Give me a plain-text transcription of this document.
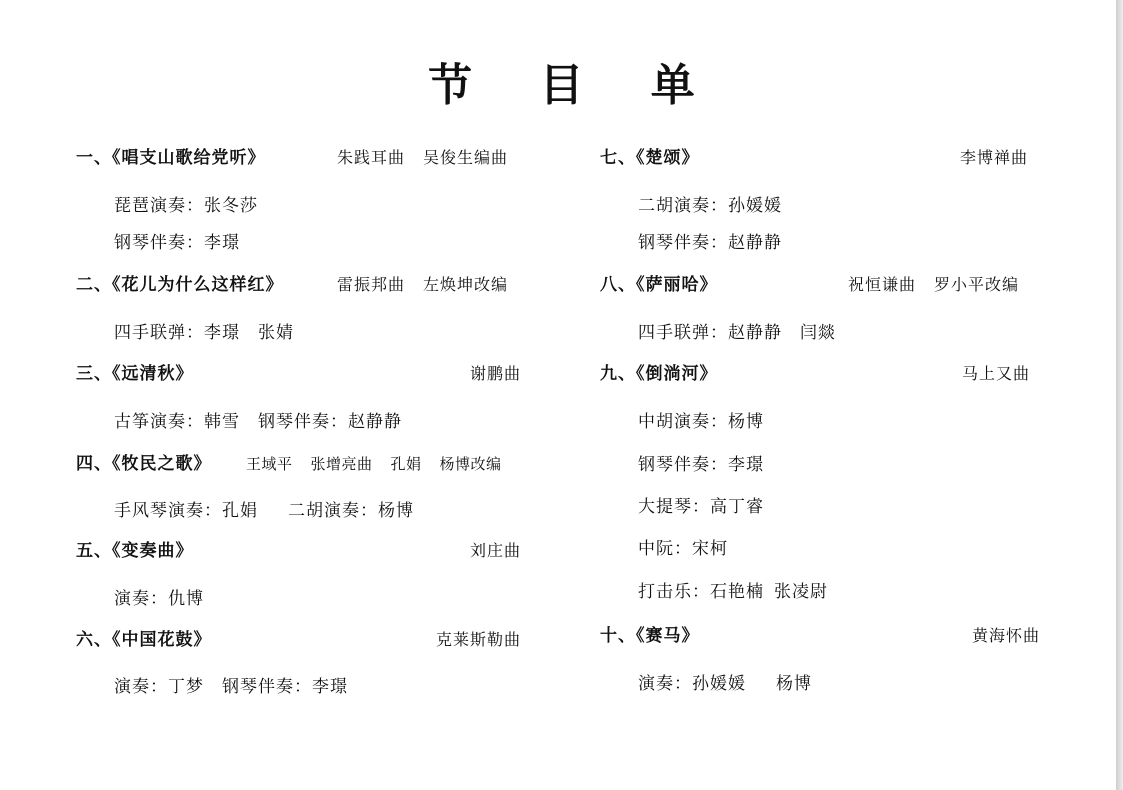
节 目 单
一、《唱支山歌给党听》	朱践耳曲 吴俊生编曲
琵琶演奏：张冬莎
钢琴伴奏：李璟
二、《花儿为什么这样红》	雷振邦曲 左焕坤改编
四手联弹：李璟 张婧
三、《远清秋》	谢鹏曲
古筝演奏：韩雪 钢琴伴奏：赵静静
四、《牧民之歌》 王域平 张增亮曲 孔娟 杨博改编
手风琴演奏：孔娟 二胡演奏：杨博
五、《变奏曲》	刘庄曲
演奏：仇博
六、《中国花鼓》	克莱斯勒曲
演奏：丁梦 钢琴伴奏：李璟
七、《楚颂》	李博禅曲
二胡演奏：孙媛媛
钢琴伴奏：赵静静
八、《萨丽哈》	祝恒谦曲 罗小平改编
四手联弹：赵静静 闫燚
九、《倒淌河》	马上又曲
中胡演奏：杨博
钢琴伴奏：李璟
大提琴：高丁睿
中阮：宋柯
打击乐：石艳楠 张凌尉
十、《赛马》	黄海怀曲
演奏：孙媛媛 杨博
